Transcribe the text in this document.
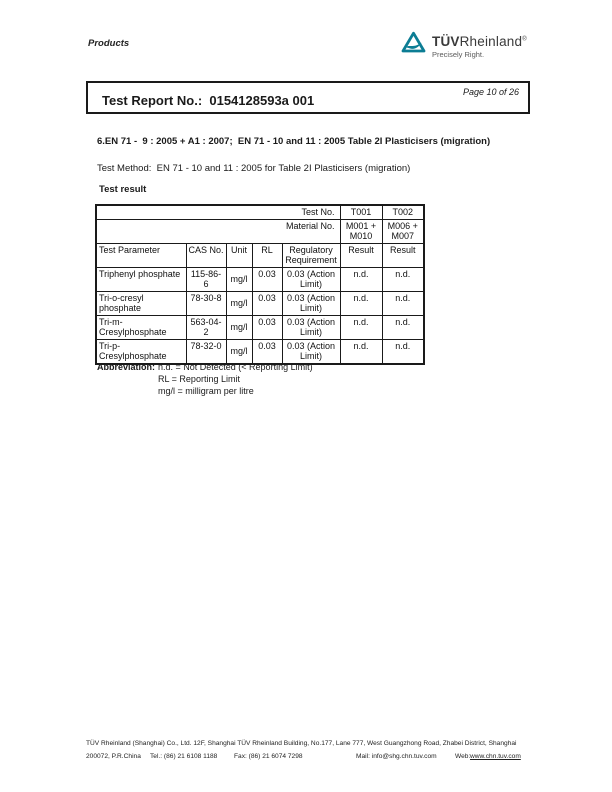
Products	TÜVRheinland®
Precisely Right.
Test Report No.:  0154128593a 001
Page 10 of 26
6.EN 71 -  9 : 2005 + A1 : 2007;  EN 71 - 10 and 11 : 2005 Table 2I Plasticisers (migration)
Test Method:  EN 71 - 10 and 11 : 2005 for Table 2I Plasticisers (migration)
Test result
Test No.					T001	T002
Material No.					M001 + M010	M006 + M007
Test Parameter	CAS No.	Unit	RL	Regulatory Requirement	Result	Result
Triphenyl phosphate	115-86-6	mg/l	0.03	0.03 (Action Limit)	n.d.	n.d.
Tri-o-cresyl phosphate	78-30-8	mg/l	0.03	0.03 (Action Limit)	n.d.	n.d.
Tri-m-Cresylphosphate	563-04-2	mg/l	0.03	0.03 (Action Limit)	n.d.	n.d.
Tri-p-Cresylphosphate	78-32-0	mg/l	0.03	0.03 (Action Limit)	n.d.	n.d.
Abbreviation: n.d. = Not Detected (< Reporting Limit)
RL = Reporting Limit
mg/l = milligram per litre
TÜV Rheinland (Shanghai) Co., Ltd. 12F, Shanghai TÜV Rheinland Building, No.177, Lane 777, West Guangzhong Road, Zhabei District, Shanghai
200072, P.R.China Tel.: (86) 21 6108 1188	Fax: (86) 21 6074 7298	Mail: info@shg.chn.tuv.com	Web: www.chn.tuv.com
